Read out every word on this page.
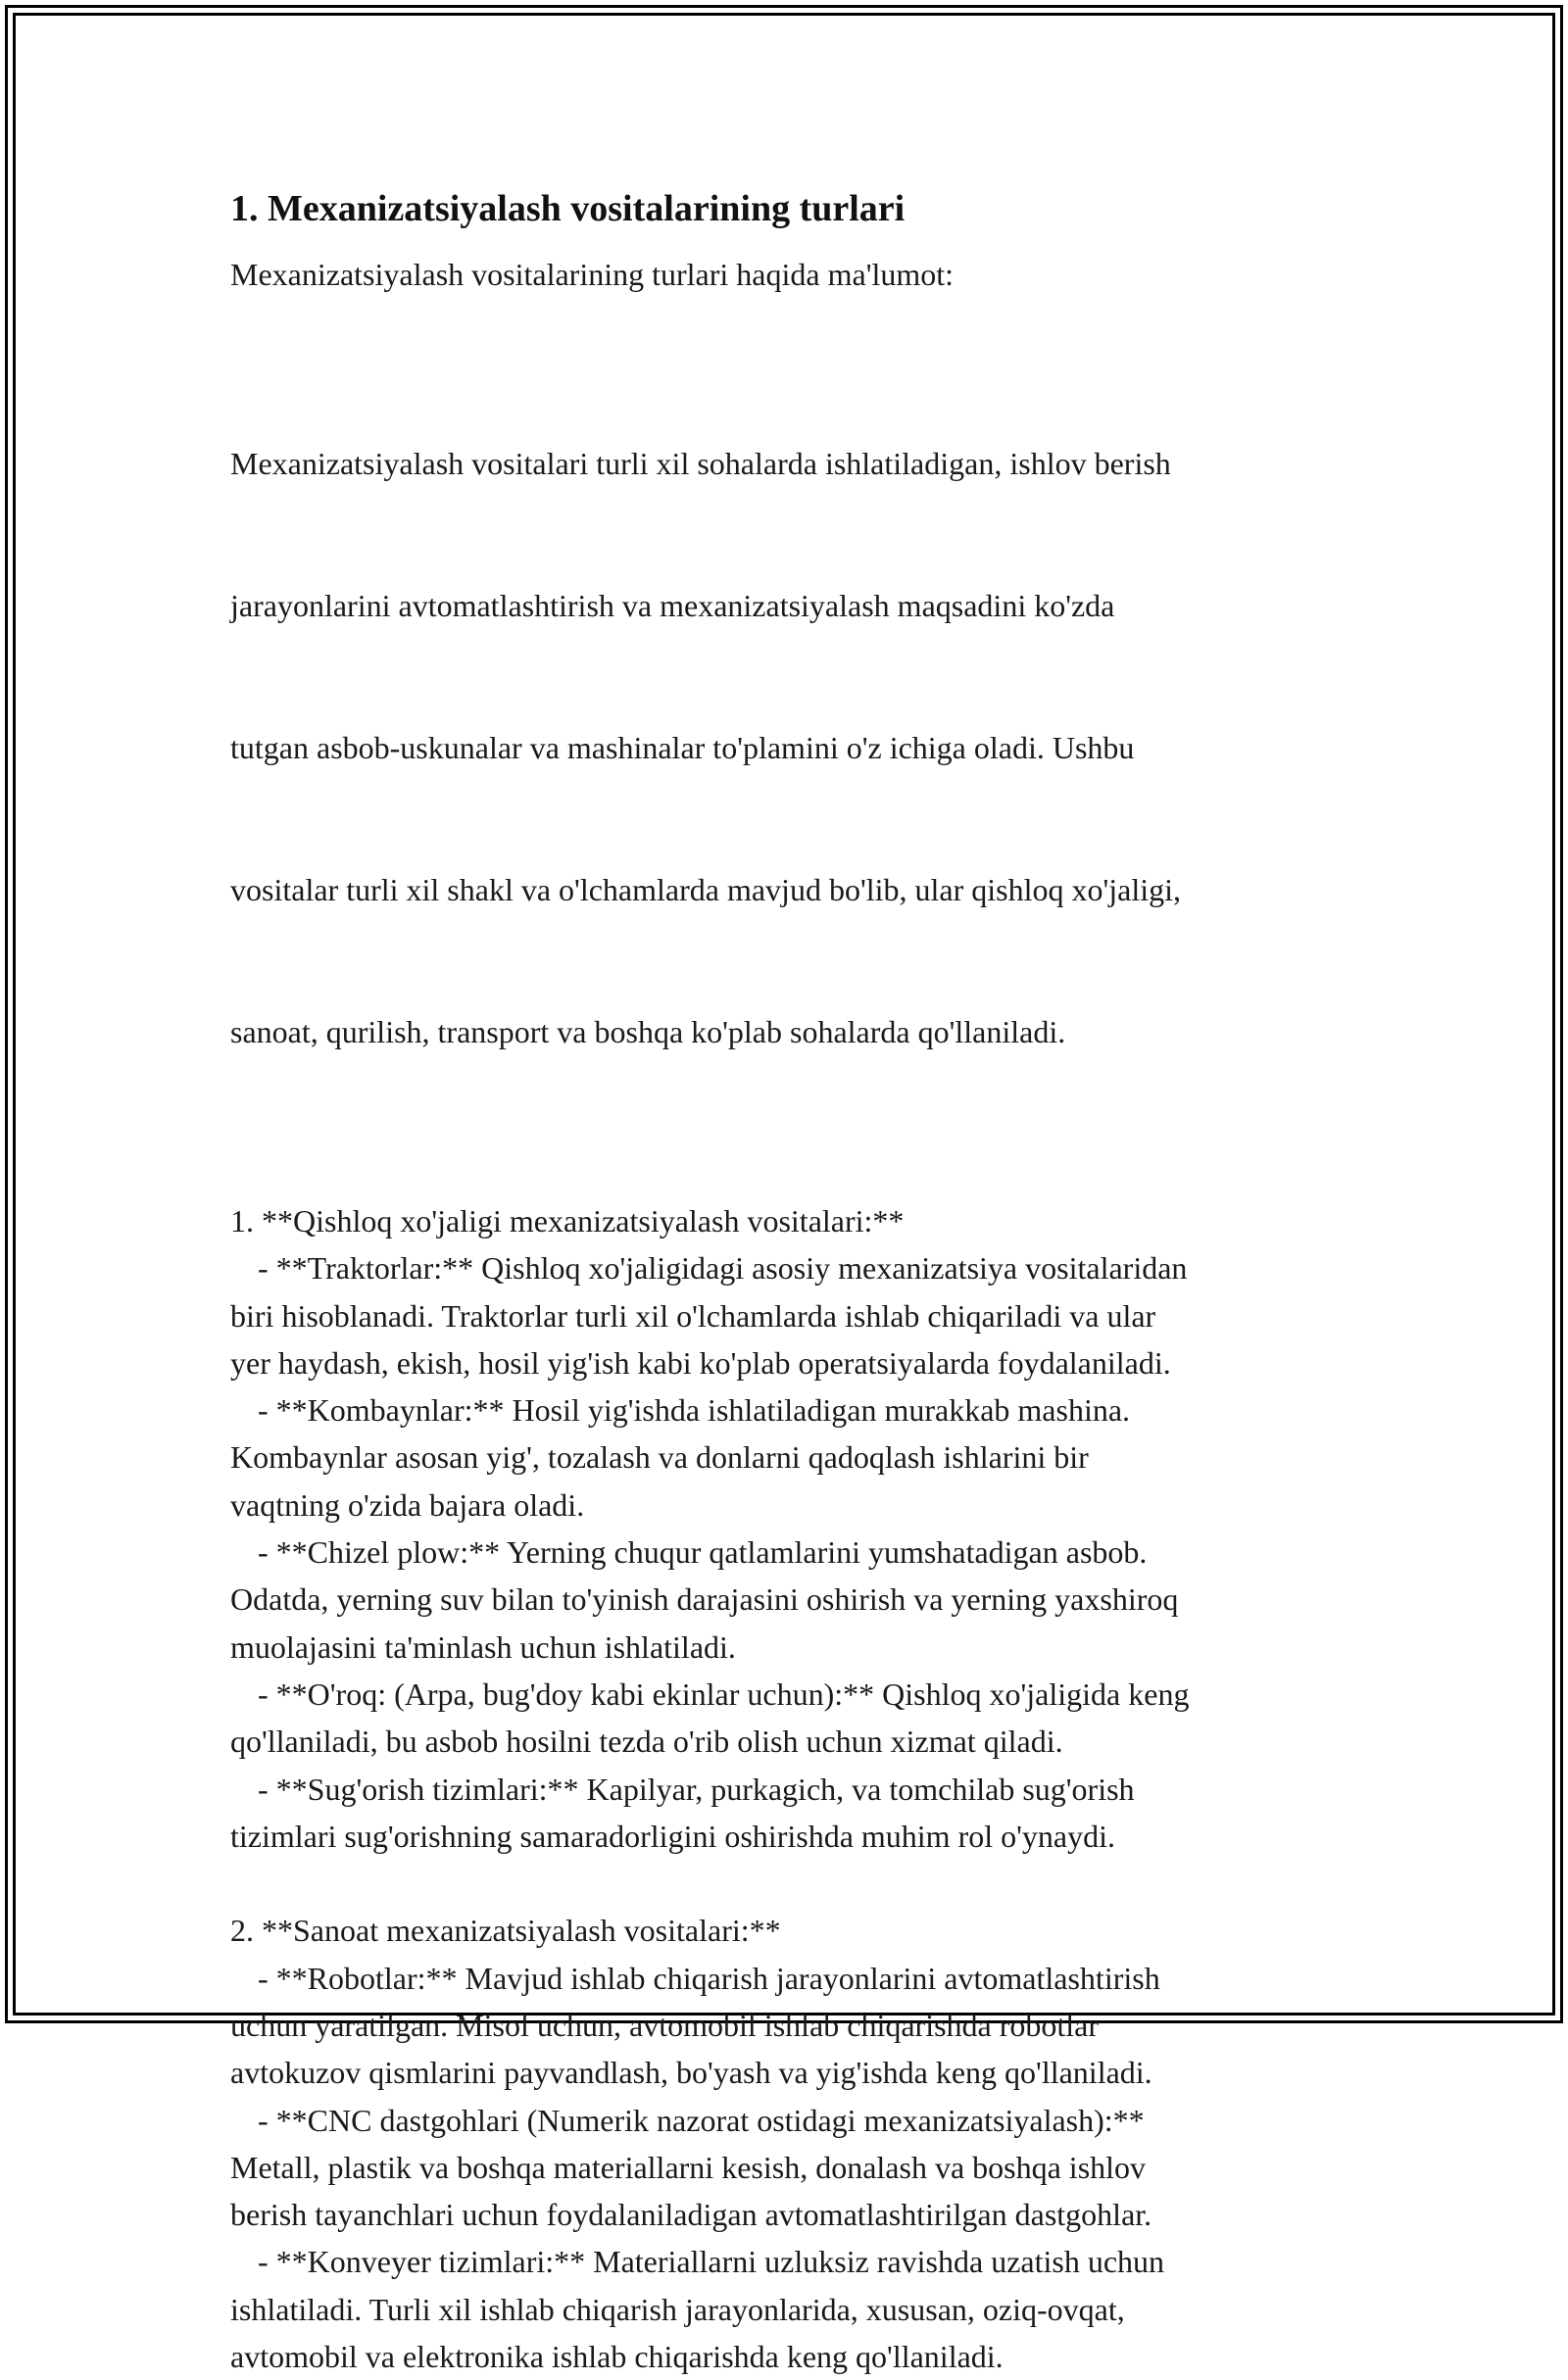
1. Mexanizatsiyalash vositalarining turlari

Mexanizatsiyalash vositalarining turlari haqida ma'lumot:

Mexanizatsiyalash vositalari turli xil sohalarda ishlatiladigan, ishlov berish

jarayonlarini avtomatlashtirish va mexanizatsiyalash maqsadini ko'zda

tutgan asbob-uskunalar va mashinalar to'plamini o'z ichiga oladi. Ushbu

vositalar turli xil shakl va o'lchamlarda mavjud bo'lib, ular qishloq xo'jaligi,

sanoat, qurilish, transport va boshqa ko'plab sohalarda qo'llaniladi.

1. **Qishloq xo'jaligi mexanizatsiyalash vositalari:**
- **Traktorlar:** Qishloq xo'jaligidagi asosiy mexanizatsiya vositalaridan
biri hisoblanadi. Traktorlar turli xil o'lchamlarda ishlab chiqariladi va ular
yer haydash, ekish, hosil yig'ish kabi ko'plab operatsiyalarda foydalaniladi.
- **Kombaynlar:** Hosil yig'ishda ishlatiladigan murakkab mashina.
Kombaynlar asosan yig', tozalash va donlarni qadoqlash ishlarini bir
vaqtning o'zida bajara oladi.
- **Chizel plow:** Yerning chuqur qatlamlarini yumshatadigan asbob.
Odatda, yerning suv bilan to'yinish darajasini oshirish va yerning yaxshiroq
muolajasini ta'minlash uchun ishlatiladi.
- **O'roq: (Arpa, bug'doy kabi ekinlar uchun):** Qishloq xo'jaligida keng
qo'llaniladi, bu asbob hosilni tezda o'rib olish uchun xizmat qiladi.
- **Sug'orish tizimlari:** Kapilyar, purkagich, va tomchilab sug'orish
tizimlari sug'orishning samaradorligini oshirishda muhim rol o'ynaydi.
2. **Sanoat mexanizatsiyalash vositalari:**
- **Robotlar:** Mavjud ishlab chiqarish jarayonlarini avtomatlashtirish
uchun yaratilgan. Misol uchun, avtomobil ishlab chiqarishda robotlar
avtokuzov qismlarini payvandlash, bo'yash va yig'ishda keng qo'llaniladi.
- **CNC dastgohlari (Numerik nazorat ostidagi mexanizatsiyalash):**
Metall, plastik va boshqa materiallarni kesish, donalash va boshqa ishlov
berish tayanchlari uchun foydalaniladigan avtomatlashtirilgan dastgohlar.
- **Konveyer tizimlari:** Materiallarni uzluksiz ravishda uzatish uchun
ishlatiladi. Turli xil ishlab chiqarish jarayonlarida, xususan, oziq-ovqat,
avtomobil va elektronika ishlab chiqarishda keng qo'llaniladi.
